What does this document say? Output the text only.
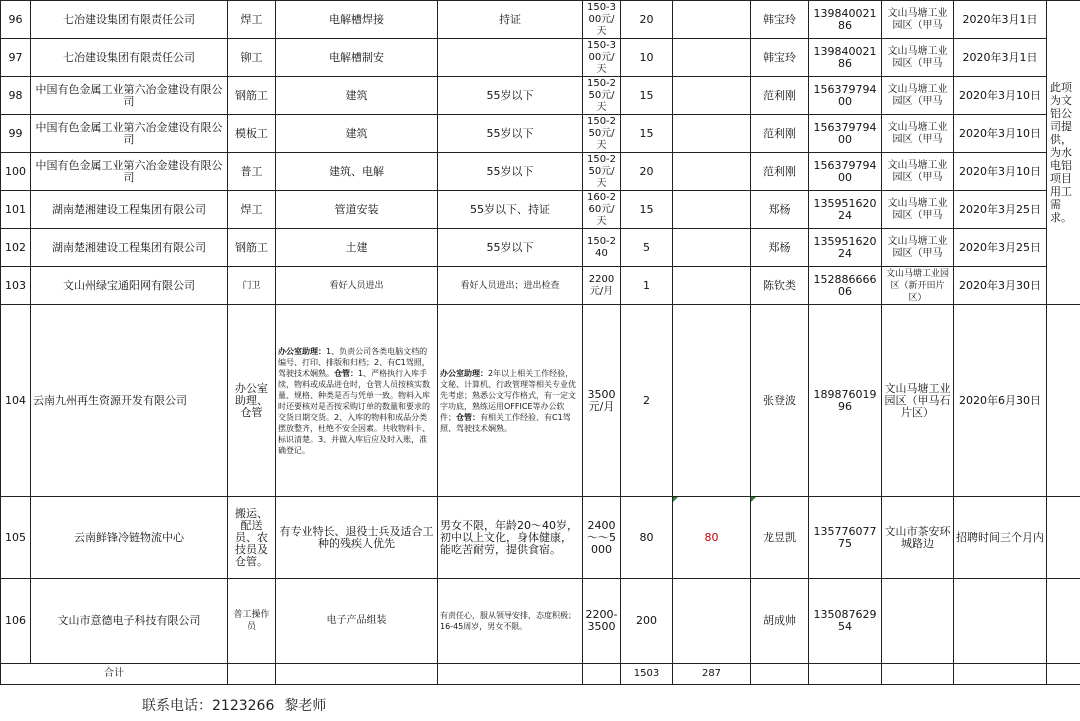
96	七冶建设集团有限责任公司	焊工	电解槽焊接	持证	150-300元/天	20		韩宝玲	13984002186	文山马塘工业园区（甲马	2020年3月1日	此项为文铝公司提供，为水电铝项目用工需求。
97	七冶建设集团有限责任公司	铆工	电解槽制安		150-300元/天	10		韩宝玲	13984002186	文山马塘工业园区（甲马	2020年3月1日	
98	中国有色金属工业第六冶金建设有限公司	钢筋工	建筑	55岁以下	150-250元/天	15		范利刚	15637979400	文山马塘工业园区（甲马	2020年3月10日	
99	中国有色金属工业第六冶金建设有限公司	模板工	建筑	55岁以下	150-250元/天	15		范利刚	15637979400	文山马塘工业园区（甲马	2020年3月10日	
100	中国有色金属工业第六冶金建设有限公司	普工	建筑、电解	55岁以下	150-250元/天	20		范利刚	15637979400	文山马塘工业园区（甲马	2020年3月10日	
101	湖南楚湘建设工程集团有限公司	焊工	管道安装	55岁以下、持证	160-260元/天	15		郑杨	13595162024	文山马塘工业园区（甲马	2020年3月25日	
102	湖南楚湘建设工程集团有限公司	钢筋工	土建	55岁以下	150-240	5		郑杨	13595162024	文山马塘工业园区（甲马	2020年3月25日	
103	文山州绿宝通阳网有限公司	门卫	看好人员进出	看好人员进出；进出检查	2200元/月	1		陈钦类	15288666606	文山马塘工业园区（新开田片区）	2020年3月30日	
104	云南九州再生资源开发有限公司	办公室助理、仓管	办公室助理：1、负责公司各类电脑文档的编号、打印、排版和归档；2、有C1驾照，驾驶技术娴熟。仓管：1、严格执行入库手续，物料或成品进仓时，仓管人员按核实数量、规格、种类是否与凭单一致。物料入库时还要核对是否按采购订单的数量和要求的交货日期交货。2、入库的物料和成品分类摆放整齐，杜绝不安全因素。共收物料卡、标识清楚。3、并做入库后应及时入账，准确登记。	办公室助理：2年以上相关工作经验，文秘、计算机、行政管理等相关专业优先考虑；熟悉公文写作格式，有一定文字功底，熟练运用OFFICE等办公软件；仓管：有相关工作经验、有C1驾照、驾驶技术娴熟。	3500元/月	2		张登波	18987601996	文山马塘工业园区（甲马石片区）	2020年6月30日	
105	云南鲜锋冷链物流中心	搬运、配送员、农技员及仓管。	有专业特长、退役士兵及适合工种的残疾人优先	男女不限，年龄20～40岁，初中以上文化，身体健康，能吃苦耐劳，提供食宿。	2400～～5000	80	80	龙昱凯	13577607775	文山市茶安环城路边	招聘时间三个月内	
106	文山市意德电子科技有限公司	普工操作员	电子产品组装	有责任心，服从领导安排，态度积极；16-45周岁，男女不限。	2200-3500	200		胡成帅	13508762954			
合计						1503	287					
联系电话：2123266 黎老师
